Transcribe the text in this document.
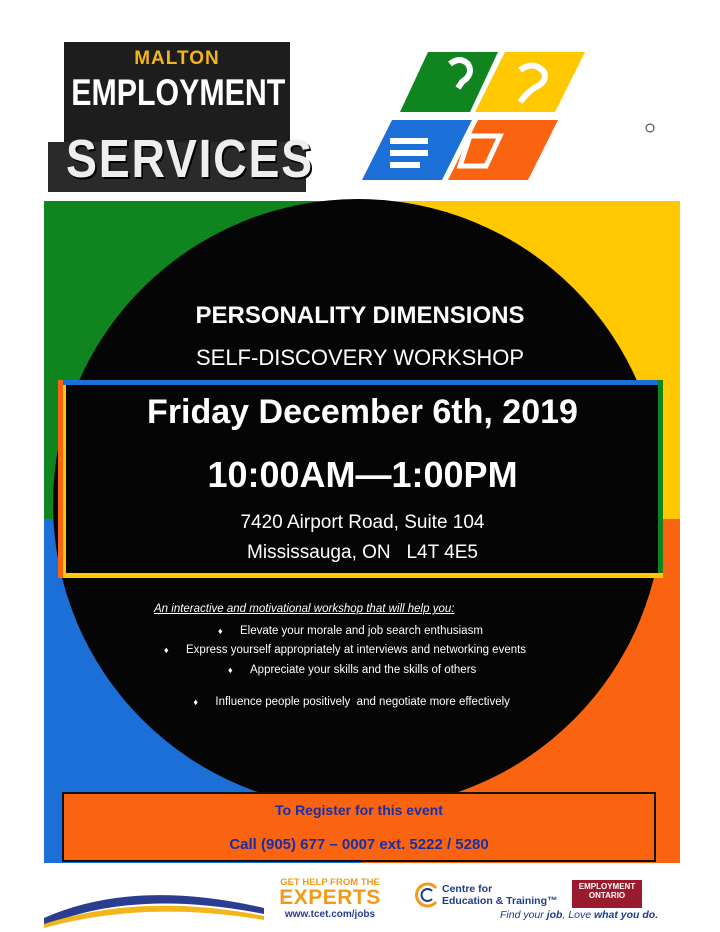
MALTON
EMPLOYMENT
SERVICES
PERSONALITY DIMENSIONS
SELF-DISCOVERY WORKSHOP
Friday December 6th, 2019
10:00AM—1:00PM
7420 Airport Road, Suite 104
Mississauga, ON   L4T 4E5
An interactive and motivational workshop that will help you:
♦ Elevate your morale and job search enthusiasm
♦ Express yourself appropriately at interviews and networking events
♦ Appreciate your skills and the skills of others

♦ Influence people positively  and negotiate more effectively

To Register for this event
Call (905) 677 – 0007 ext. 5222 / 5280
GET HELP FROM THE
EXPERTS
www.tcet.com/jobs
Centre for
Education & Training™
EMPLOYMENT
ONTARIO
Find your job, Love what you do.
